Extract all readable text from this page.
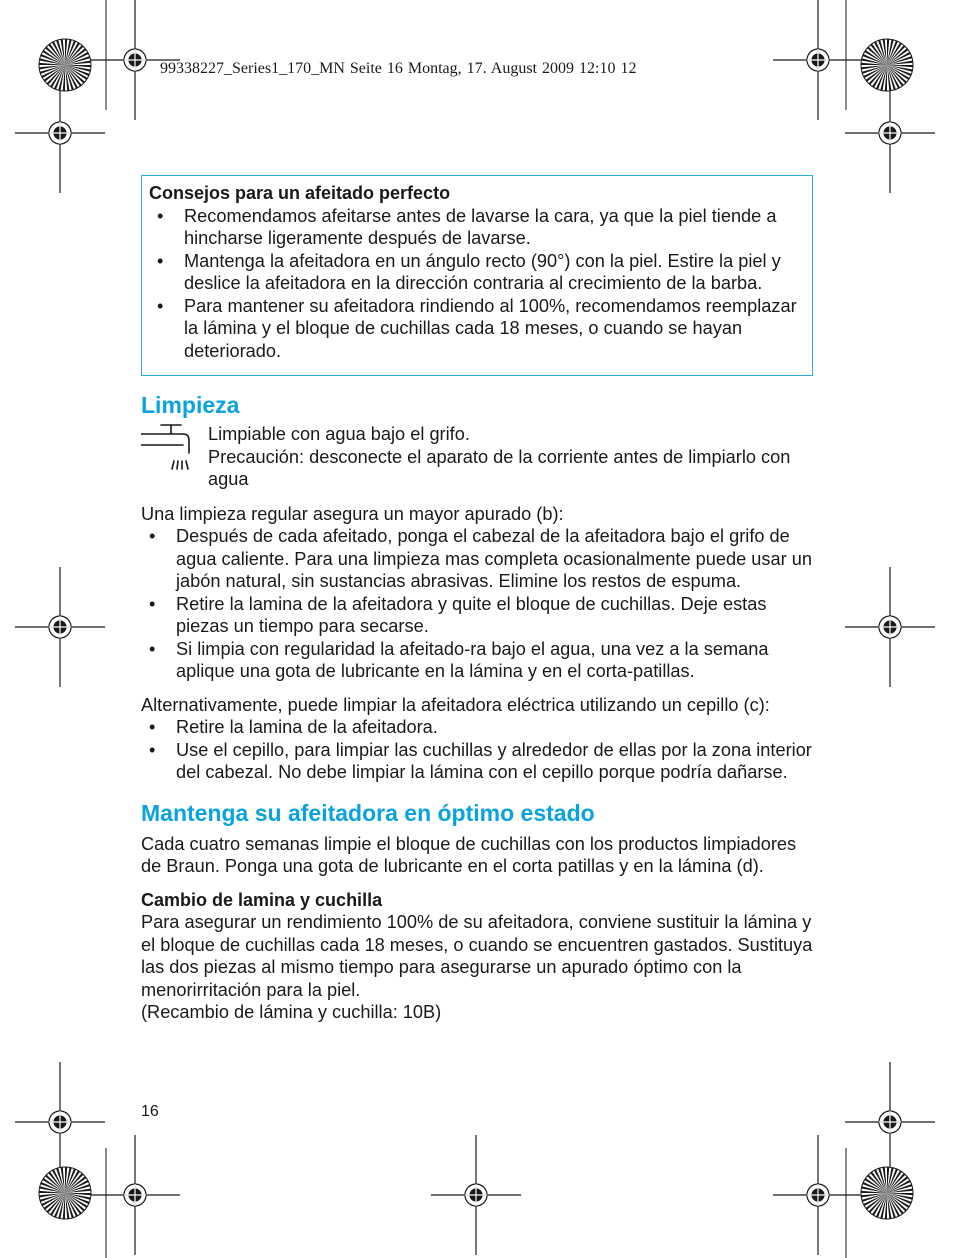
99338227_Series1_170_MN Seite 16 Montag, 17. August 2009 12:10 12
Consejos para un afeitado perfecto
• Recomendamos afeitarse antes de lavarse la cara, ya que la piel tiende a hincharse ligeramente después de lavarse.
• Mantenga la afeitadora en un ángulo recto (90°) con la piel. Estire la piel y deslice la afeitadora en la dirección contraria al crecimiento de la barba.
• Para mantener su afeitadora rindiendo al 100%, recomendamos reemplazar la lámina y el bloque de cuchillas cada 18 meses, o cuando se hayan deteriorado.
Limpieza

Limpiable con agua bajo el grifo.

Precaución: desconecte el aparato de la corriente antes de limpiarlo con agua

Una limpieza regular asegura un mayor apurado (b):

• Después de cada afeitado, ponga el cabezal de la afeitadora bajo el grifo de agua caliente. Para una limpieza mas completa ocasionalmente puede usar un jabón natural, sin sustancias abrasivas. Elimine los restos de espuma.
• Retire la lamina de la afeitadora y quite el bloque de cuchillas. Deje estas piezas un tiempo para secarse.
• Si limpia con regularidad la afeitado-ra bajo el agua, una vez a la semana aplique una gota de lubricante en la lámina y en el corta-patillas.

Alternativamente, puede limpiar la afeitadora eléctrica utilizando un cepillo (c):

• Retire la lamina de la afeitadora.
• Use el cepillo, para limpiar las cuchillas y alrededor de ellas por la zona interior del cabezal. No debe limpiar la lámina con el cepillo porque podría dañarse.
Mantenga su afeitadora en óptimo estado

Cada cuatro semanas limpie el bloque de cuchillas con los productos limpiadores de Braun. Ponga una gota de lubricante en el corta patillas y en la lámina (d).

Cambio de lamina y cuchilla

Para asegurar un rendimiento 100% de su afeitadora, conviene sustituir la lámina y el bloque de cuchillas cada 18 meses, o cuando se encuentren gastados. Sustituya las dos piezas al mismo tiempo para asegurarse un apurado óptimo con la menorirritación para la piel.

(Recambio de lámina y cuchilla: 10B)

16
